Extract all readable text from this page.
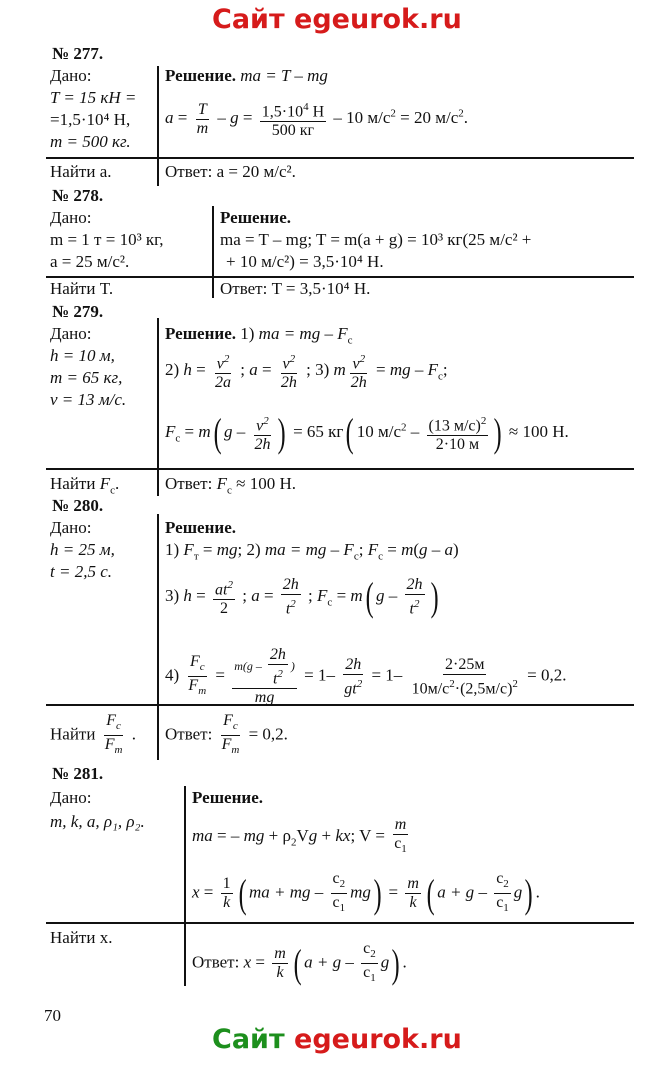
Сайт egeurok.ru
№ 277.
Дано:
T = 15 кН =
=1,5·10⁴ Н,
m = 500 кг.
Решение. ma = T – mg
$a = \frac{T}{m} - g = \frac{1,5\cdot 10^4 Н}{500 кг} - 10$ $м/с^2 = 20$ $м/с^2$.
Найти a.	Ответ: a = 20 м/с².
№ 278.
Дано:
m = 1 т = 10³ кг,
a = 25 м/с².
Решение.
ma = T – mg; T = m(a + g) = 10³ кг(25 м/с² +
+ 10 м/с²) = 3,5·10⁴ Н.
Найти T.	Ответ: T = 3,5·10⁴ Н.
№ 279.
Дано:
h = 10 м,
m = 65 кг,
v = 13 м/с.
Решение. 1) ma = mg – $F_c$
2) $h = \frac{v^2}{2a}$ ; $a = \frac{v^2}{2h}$ ; 3) m $\frac{v^2}{2h}$ = mg – $F_c$;
$F_c = m$( g – $\frac{v^2}{2h}$ ) = 65 кг( 10 $м/с^2 - \frac{(13 м/с)^2}{2\cdot 10 м}$ ) ≈ 100 Н.
Найти $F_c$.	Ответ: $F_c \approx 100$ Н.
№ 280.
Дано:
h = 25 м,
t = 2,5 с.
Решение.
1) $F_т$ = mg; 2) ma = mg – $F_c$; $F_c = m(g - a)$
3) $h = \frac{at^2}{2}$ ; $a = \frac{2h}{t^2}$ ; $F_c = m$( g – $\frac{2h}{t^2}$ )
$4) \frac{F_c}{F_т} = \frac{m(g - \frac{2h}{t^2} )}{mg} = 1- \frac{2h}{gt^2} = 1- \frac{2\cdot 25м}{10м/с^2\cdot(2,5м/с)^2} = 0,2$.
Найти $\frac{F_c}{F_т}$ . Ответ: $\frac{F_c}{F_т} = 0,2$.
№ 281.
Дано:
m, k, a, ρ₁, ρ₂.
Решение.
ma = – mg + $\rho_2Vg$ + kx; $V = \frac{m}{c_1}$
$x = \frac{1}{k}$ ( ma + mg – $\frac{c_2}{c_1} mg) = \frac{m}{k}$ ( $a + g - \frac{c_2}{c_1} g$) .
Найти x.
Ответ: $x = \frac{m}{k}$ ( $a + g - \frac{c_2}{c_1} g$) .
70
Сайт egeurok.ru
